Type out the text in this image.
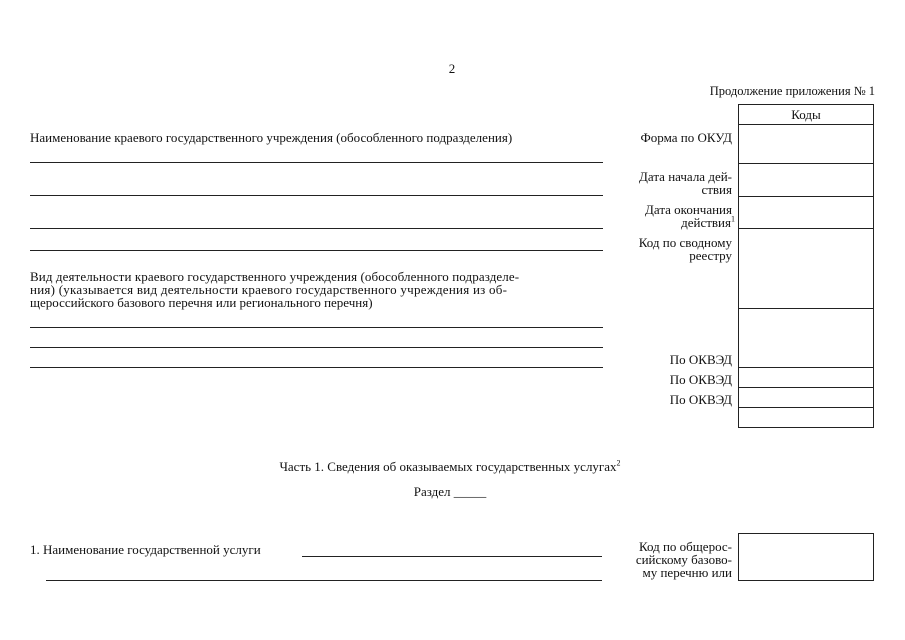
2
Продолжение приложения № 1
Коды
Форма по ОКУД
Дата начала дей-
ствия
Дата окончания
действия$^1$
Код по сводному
реестру
По ОКВЭД
По ОКВЭД
По ОКВЭД
Наименование краевого государственного учреждения (обособленного подразделения)
Вид деятельности краевого государственного учреждения (обособленного подразделе-
ния) (указывается вид деятельности краевого государственного учреждения из об-
щероссийского базового перечня или регионального перечня)
Часть 1. Сведения об оказываемых государственных услугах$^2$
Раздел _____
1. Наименование государственной услуги	Код по общерос-
сийскому базово-
му перечню или
